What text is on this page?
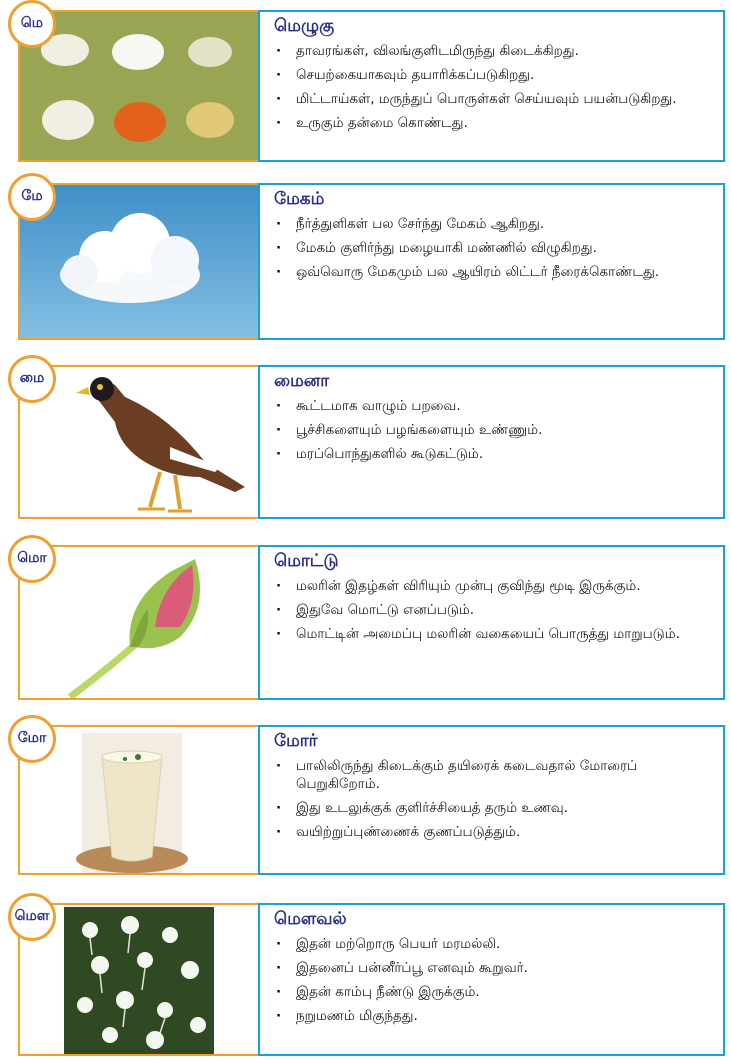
மெ	மெழுகு
· தாவரங்கள், விலங்குளிடமிருந்து கிடைக்கிறது.
· செயற்கையாகவும் தயாரிக்கப்படுகிறது.
· மிட்டாய்கள், மருந்துப் பொருள்கள் செய்யவும் பயன்படுகிறது.
· உருகும் தன்மை கொண்டது.
மே	மேகம்
· நீர்த்துளிகள் பல சேர்ந்து மேகம் ஆகிறது.
· மேகம் குளிர்ந்து மழையாகி மண்ணில் விழுகிறது.
· ஒவ்வொரு மேகமும் பல ஆயிரம் லிட்டர் நீரைக்கொண்டது.
மை	மைனா
· கூட்டமாக வாழும் பறவை.
· பூச்சிகளையும் பழங்களையும் உண்ணும்.
· மரப்பொந்துகளில் கூடுகட்டும்.
மொ	மொட்டு
· மலரின் இதழ்கள் விரியும் முன்பு குவிந்து மூடி இருக்கும்.
· இதுவே மொட்டு எனப்படும்.
· மொட்டின் அமைப்பு மலரின் வகையைப் பொருத்து மாறுபடும்.
மோ	மோர்
· பாலிலிருந்து கிடைக்கும் தயிரைக் கடைவதால் மோரைப் பெறுகிறோம்.
· இது உடலுக்குக் குளிர்ச்சியைத் தரும் உணவு.
· வயிற்றுப்புண்ணைக் குணப்படுத்தும்.
மௌ	மௌவல்
· இதன் மற்றொரு பெயர் மரமல்லி.
· இதனைப் பன்னீர்ப்பூ எனவும் கூறுவர்.
· இதன் காம்பு நீண்டு இருக்கும்.
· நறுமணம் மிகுந்தது.
